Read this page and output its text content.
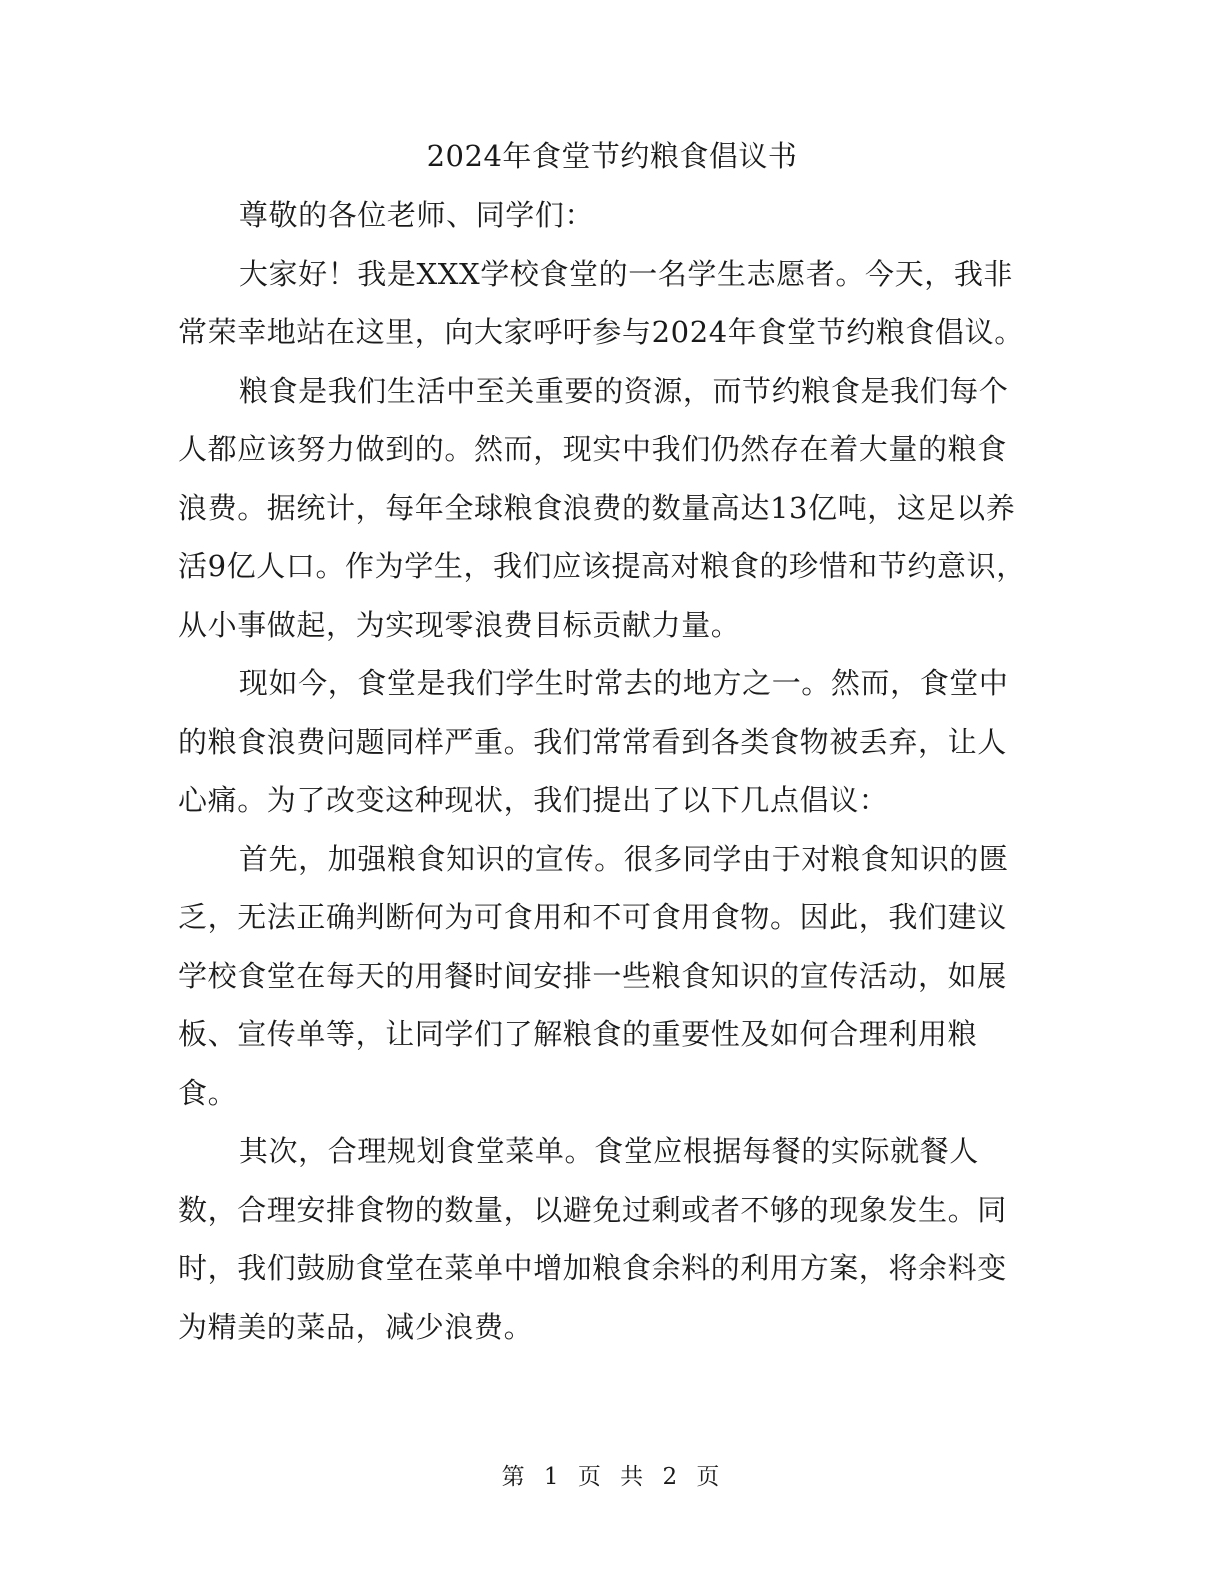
2024年食堂节约粮食倡议书

尊敬的各位老师、同学们：

大家好！我是XXX学校食堂的一名学生志愿者。今天，我非常荣幸地站在这里，向大家呼吁参与2024年食堂节约粮食倡议。

粮食是我们生活中至关重要的资源，而节约粮食是我们每个人都应该努力做到的。然而，现实中我们仍然存在着大量的粮食浪费。据统计，每年全球粮食浪费的数量高达13亿吨，这足以养活9亿人口。作为学生，我们应该提高对粮食的珍惜和节约意识，从小事做起，为实现零浪费目标贡献力量。

现如今，食堂是我们学生时常去的地方之一。然而，食堂中的粮食浪费问题同样严重。我们常常看到各类食物被丢弃，让人心痛。为了改变这种现状，我们提出了以下几点倡议：

首先，加强粮食知识的宣传。很多同学由于对粮食知识的匮乏，无法正确判断何为可食用和不可食用食物。因此，我们建议学校食堂在每天的用餐时间安排一些粮食知识的宣传活动，如展板、宣传单等，让同学们了解粮食的重要性及如何合理利用粮食。

其次，合理规划食堂菜单。食堂应根据每餐的实际就餐人数，合理安排食物的数量，以避免过剩或者不够的现象发生。同时，我们鼓励食堂在菜单中增加粮食余料的利用方案，将余料变为精美的菜品，减少浪费。

第 1 页 共 2 页
